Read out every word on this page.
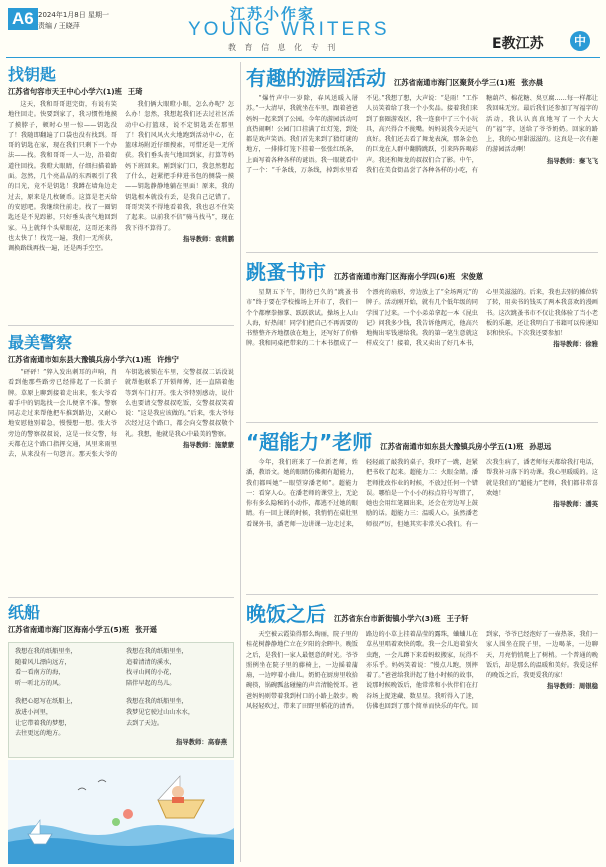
A6 2024年1月8日 星期一
责编 / 王晓萍
江苏小作家
YOUNG WRITERS
教 育 信 息 化 专 刊	E教江苏	中
找钥匙
江苏省句容市天王中心小学六(1)班 王琦

这天，我和哥哥逛完街，有说有笑地往回走。快要到家了，我习惯性地摸了摸脖子，顿时心里一惊——钥匙没了！我随即翻遍了口袋也没有找到。哥哥的钥匙在家，现在我们只剩下一个办法——找。我和哥哥一人一边，沿着街道往回找。我瞪大眼睛，仔细扫描着路面。忽然，几个亮晶晶的东西吸引了我的目光，竟不是钥匙！我蹲在墙角边走过去，原来是几枚硬币。这算是老天给的安慰吧。我继续往前走。找了一圈钥匙还是不见踪影，只好垂头丧气地回到家。马上就拜个头晕眼花，这哥还来得也太快了！找完一遍，我们一无所获，调换路线再找一遍，还是两手空空。

我们俩大眼瞪小眼，怎么办呢？怎么办！忽然，我想起我们还去过社区活动中心打篮球，说不定钥匙丢在那里了！我们风风火火地跑到活动中心，在篮球场附近仔细搜索，可惜还是一无所获。我们垂头丧气地回到家，打算等妈妈下班回来。刚到家门口，我忽然想起了什么，赶紧把手伸进书包的侧袋一摸——钥匙静静地躺在里面！原来，我的钥匙根本就没有丢，是我自己记错了。哥哥哭笑不得地看着我，我也忍不住笑了起来。以前我不信“骑马找马”，现在我下得不算得了。

指导教师：袁莉鹏
最美警察
江苏省南通市如东县大豫镇兵房小学六(1)班 许炜宁

“砰砰！”猝入发出刺耳的声响，肖看到他那些路旁已经排起了一长溜子牌。草原上聊到接着走出来，张大爷看着手中的钥匙找一会儿便拿不准。警察同志走过来帮他把车推到路边，又耐心地安慰他别着急，慢慢想一想。张大爷旁边的警察叔叔说，这是一位交警，每天都在这个路口指挥交通，风里来雨里去，从来没有一句怨言。那天张大爷的车钥匙被锁在车里，交警叔叔二话没说就帮他联系了开锁师傅，还一直陪着他等到车门打开。张大爷特别感动，说什么也要请交警叔叔吃饭，交警叔叔笑着说：“这是我应该做的。”后来，张大爷每次经过这个路口，都会向交警叔叔敬个礼。我想，他就是我心中最美的警察。

指导教师：施蒙蒙
纸船
江苏省南通市海门区海南小学五(5)班 张开遥
我想在我的纸船里坐，
随着风儿漂向远方，
看一看南方的海，
听一听北方的风。
我把心愿写在纸船上，
放进小河里，
让它带着我的梦想，
去往更远的地方。
我想在我的纸船里坐，
追着清清的溪水，
找寻山间的小花，
陪伴早起的鸟儿。
我想在我的纸船里坐，
我梦见它驶过山山水水，
去到了天边。
指导教师：高春燕
有趣的游园活动 江苏省南通市海门区聚贤小学三(1)班 张亦晨

“爆竹声中一岁除，春风送暖入屠苏。”一大清早，我就坐在车里，跟着爸爸妈妈一起来到了公园。今年的游园活动可真热闹啊！公园门口挂满了红灯笼，到处都是欢声笑语。我们首先来到了猜灯谜的地方，一排排灯笼下挂着一张张红纸条，上面写着各种各样的谜语。我一眼就看中了一个：“千条线，万条线，掉到水里看不见。”我想了想，大声说：“是雨！”工作人员笑着给了我一个小奖品。接着我们来到了套圈游戏区，我一连套中了三个小玩具，高兴得合不拢嘴。妈妈说我今天运气真好。我们还去看了舞龙表演，那条金色的巨龙在人群中翻腾跳跃，引来阵阵喝彩声。我还和舞龙的叔叔们合了影。中午，我们在美食街品尝了各种各样的小吃，有糖葫芦、棉花糖、臭豆腐……每一样都让我回味无穷。最后我们还参加了写福字的活动，我认认真真地写了一个大大的“福”字，送给了爷爷奶奶。回家的路上，我的心里甜滋滋的。这真是一次有趣的游园活动啊！

指导教师：秦飞飞
跳蚤书市 江苏省南通市海门区海南小学四(6)班 宋俊蒽

星期五下午，期待已久的“跳蚤书市”终于要在学校操场上开市了，我们一个个都摩拳擦掌、跃跃欲试。操场上人山人海，好热闹！同学们把自己不再需要的书整整齐齐地摆放在地上，还写好了价格牌。我和同桌把带来的二十本书摆成了一个漂亮的扇形，旁边放上了“全场两元”的牌子。活动刚开始，就有几个低年级的同学围了过来。一个小弟弟拿起一本《昆虫记》问我多少钱，我告诉他两元，他高兴地掏出零钱递给我。我的第一笔生意就这样成交了！接着，我又卖出了好几本书，心里美滋滋的。后来，我也去别的摊位转了转，用卖书的钱买了两本我喜欢的漫画书。这次跳蚤书市不仅让我体验了当小老板的乐趣，还让我明白了书籍可以传递知识和快乐。下次我还要参加！

指导教师：徐雅
“超能力”老师 江苏省南通市如东县大豫镇兵房小学五(1)班 孙思远

今年，我们班来了一位新老师，姓潘，教语文。她的眼睛仿佛拥有超能力，我们都叫她“一眼望穿潘老师”。超能力一：看穿人心。在潘老师的课堂上，无论你有多么隐秘的小动作，都逃不过她的眼睛。有一回上课的时候，我悄悄在桌肚里看课外书，潘老师一边讲课一边走过来，轻轻敲了敲我的桌子，我吓了一跳，赶紧把书收了起来。超能力二：火眼金睛。潘老师批改作业的时候，不放过任何一个错误。哪怕是一个小小的标点符号写错了，她也会用红笔圈出来，还会在旁边写上鼓励的话。超能力三：温暖人心。虽然潘老师很严厉，但她其实非常关心我们。有一次我生病了，潘老师每天都给我打电话，帮我补习落下的功课。我心里暖暖的。这就是我们的“超能力”老师，我们都非常喜欢她！

指导教师：潘英
晚饭之后 江苏省东台市新街镇小学六(3)班 王子轩

天空被云霞染得那么绚丽，院子里的桂花树静静地伫立在夕阳的余晖中。晚饭之后，是我们一家人最惬意的时光。爷爷照例坐在院子里的藤椅上，一边摇着蒲扇，一边哼着小曲儿。奶奶在厨房里收拾碗筷，锅碗瓢盆碰撞的声音清脆悦耳。爸爸妈妈则带着我到村口的小路上散步。晚风轻轻吹过，带来了田野里稻花的清香。路边的小草上挂着晶莹的露珠，蛐蛐儿在草丛里唱着欢快的歌。我一会儿追着萤火虫跑，一会儿蹲下来看蚂蚁搬家，玩得不亦乐乎。妈妈笑着说：“慢点儿跑，别摔着了。”爸爸给我讲起了他小时候的故事，说那时候晚饭后，他常常和小伙伴们在打谷场上捉迷藏、数星星。我听得入了迷，仿佛也回到了那个简单而快乐的年代。回到家，爷爷已经泡好了一壶热茶，我们一家人围坐在院子里，一边喝茶，一边聊天，月亮悄悄爬上了树梢。一个普通的晚饭后，却是那么的温暖和美好。我爱这样的晚饭之后，我更爱我的家！

指导教师：周银稳
